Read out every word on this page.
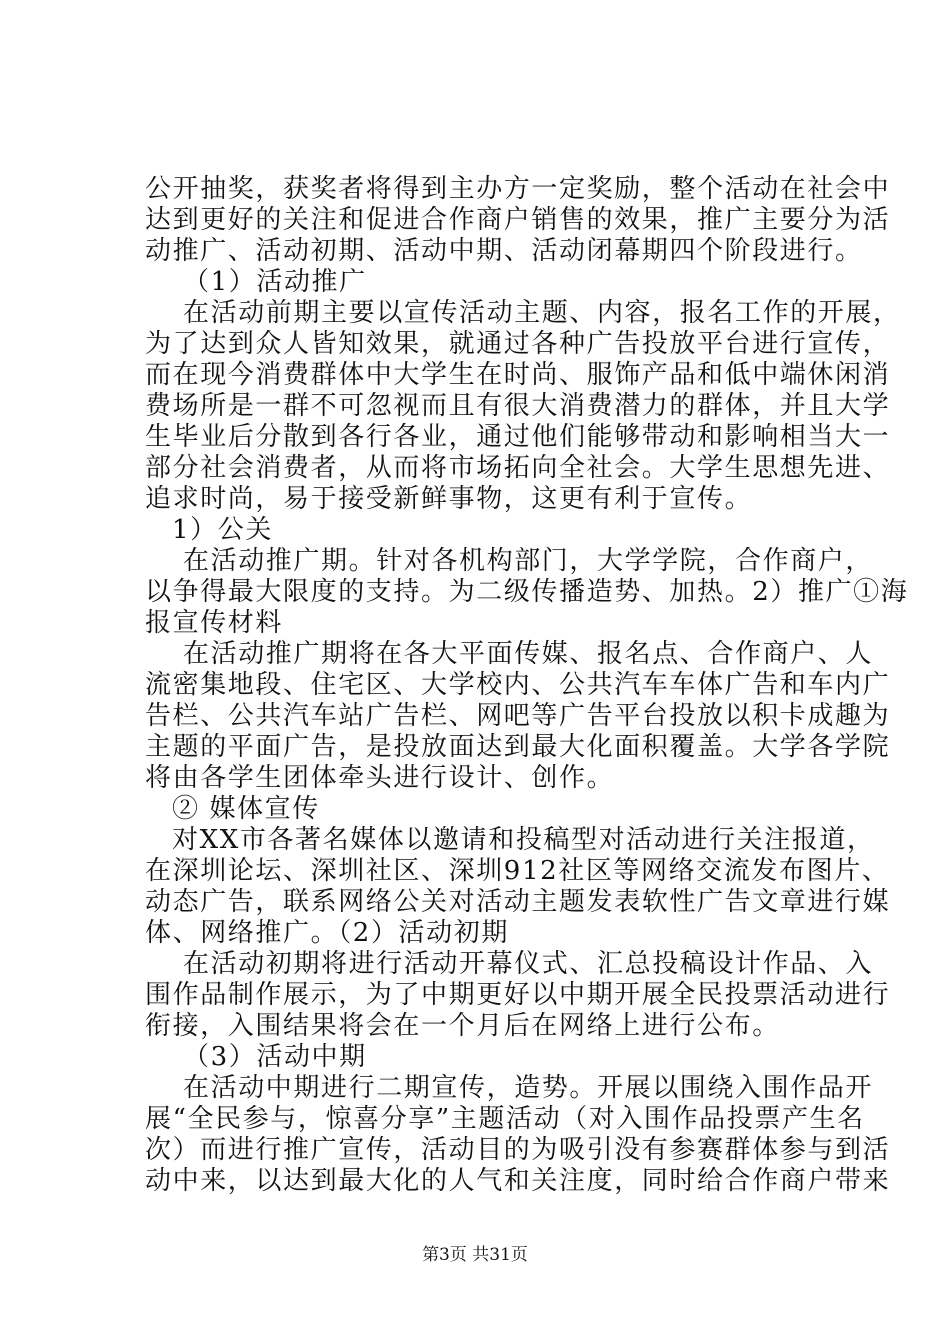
公开抽奖，获奖者将得到主办方一定奖励，整个活动在社会中
达到更好的关注和促进合作商户销售的效果，推广主要分为活
动推广、活动初期、活动中期、活动闭幕期四个阶段进行。
（1）活动推广
在活动前期主要以宣传活动主题、内容，报名工作的开展，
为了达到众人皆知效果，就通过各种广告投放平台进行宣传，
而在现今消费群体中大学生在时尚、服饰产品和低中端休闲消
费场所是一群不可忽视而且有很大消费潜力的群体，并且大学
生毕业后分散到各行各业，通过他们能够带动和影响相当大一
部分社会消费者，从而将市场拓向全社会。大学生思想先进、
追求时尚，易于接受新鲜事物，这更有利于宣传。
1）公关
在活动推广期。针对各机构部门，大学学院，合作商户，
以争得最大限度的支持。为二级传播造势、加热。2）推广①海
报宣传材料
在活动推广期将在各大平面传媒、报名点、合作商户、人
流密集地段、住宅区、大学校内、公共汽车车体广告和车内广
告栏、公共汽车站广告栏、网吧等广告平台投放以积卡成趣为
主题的平面广告，是投放面达到最大化面积覆盖。大学各学院
将由各学生团体牵头进行设计、创作。
② 媒体宣传
对XX市各著名媒体以邀请和投稿型对活动进行关注报道，
在深圳论坛、深圳社区、深圳912社区等网络交流发布图片、
动态广告，联系网络公关对活动主题发表软性广告文章进行媒
体、网络推广。（2）活动初期
在活动初期将进行活动开幕仪式、汇总投稿设计作品、入
围作品制作展示，为了中期更好以中期开展全民投票活动进行
衔接，入围结果将会在一个月后在网络上进行公布。
（3）活动中期
在活动中期进行二期宣传，造势。开展以围绕入围作品开
展“全民参与，惊喜分享”主题活动（对入围作品投票产生名
次）而进行推广宣传，活动目的为吸引没有参赛群体参与到活
动中来，以达到最大化的人气和关注度，同时给合作商户带来
第3页 共31页
